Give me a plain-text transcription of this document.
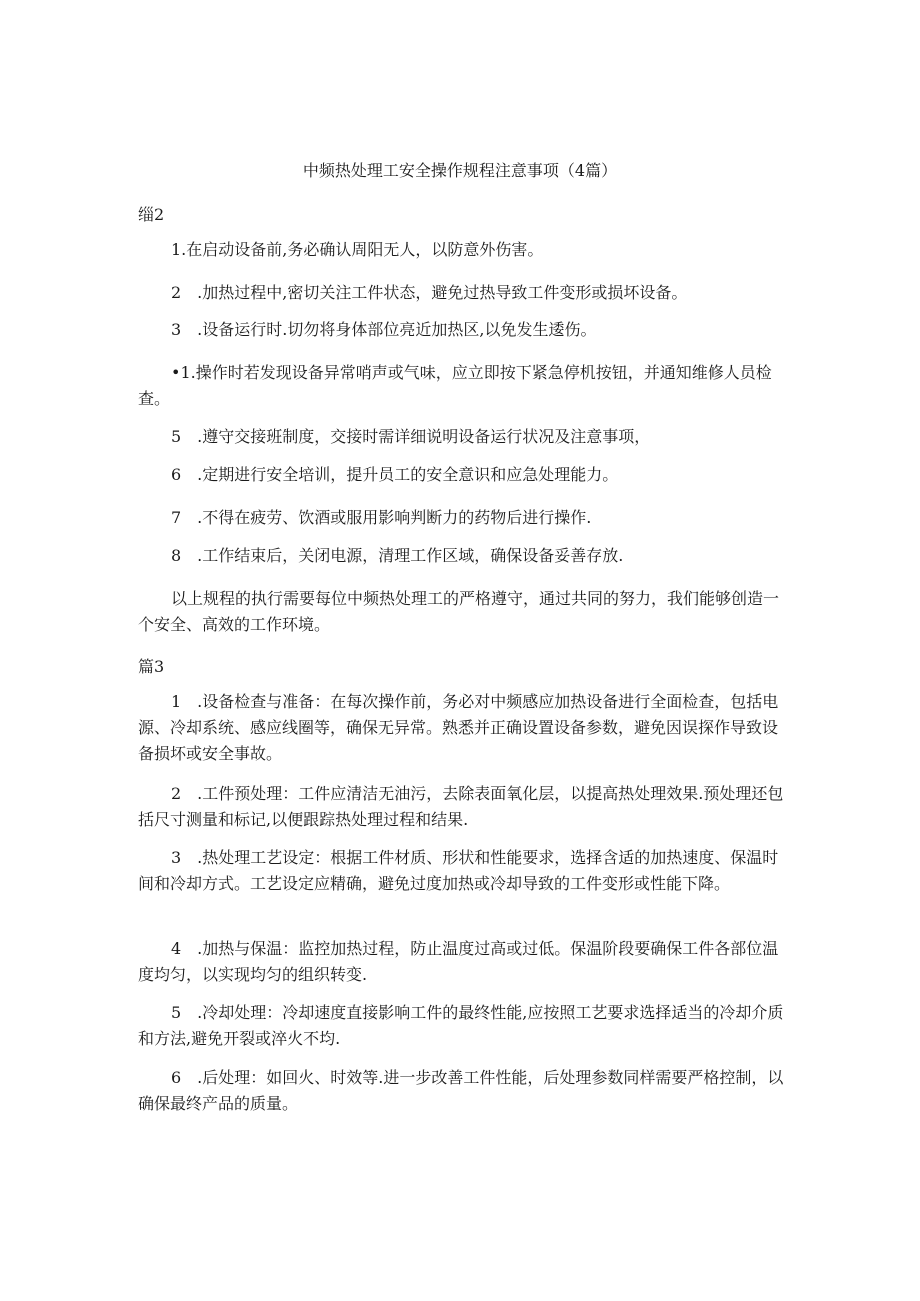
中频热处理工安全操作规程注意事项（4篇）
缁2

1.在启动设备前,务必确认周阳无人，以防意外伤害。

2　.加热过程中,密切关注工件状态，避免过热导致工件变形或损坏设备。

3　.设备运行时.切勿将身体部位亮近加热区,以免发生逶伤。

•1.操作时若发现设备异常哨声或气味，应立即按下紧急停机按钮，并通知维修人员检查。

5　.遵守交接班制度，交接时需详细说明设备运行状况及注意事项，

6　.定期进行安全培训，提升员工的安全意识和应急处理能力。

7　.不得在疲劳、饮酒或服用影响判断力的药物后进行操作.

8　.工作结束后，关闭电源，清理工作区域，确保设备妥善存放.

以上规程的执行需要每位中频热处理工的严格遵守，通过共同的努力，我们能够创造一个安全、高效的工作环境。

篇3

1　.设备检查与准备：在每次操作前，务必对中频感应加热设备进行全面检查，包括电源、冷却系统、感应线圈等，确保无异常。熟悉并正确设置设备参数，避免因误探作导致设备损坏或安全事故。

2　.工件预处理：工件应清洁无油污，去除表面氧化层，以提高热处理效果.预处理还包括尺寸测量和标记,以便跟踪热处理过程和结果.

3　.热处理工艺设定：根据工件材质、形状和性能要求，选择含适的加热速度、保温时间和冷却方式。工艺设定应精确，避免过度加热或冷却导致的工件变形或性能下降。

4　.加热与保温：监控加热过程，防止温度过高或过低。保温阶段要确保工件各部位温度均匀，以实现均匀的组织转变.

5　.冷却处理：冷却速度直接影响工件的最终性能,应按照工艺要求选择适当的冷却介质和方法,避免开裂或淬火不均.

6　.后处理：如回火、时效等.进一步改善工件性能，后处理参数同样需要严格控制，以确保最终产品的质量。
